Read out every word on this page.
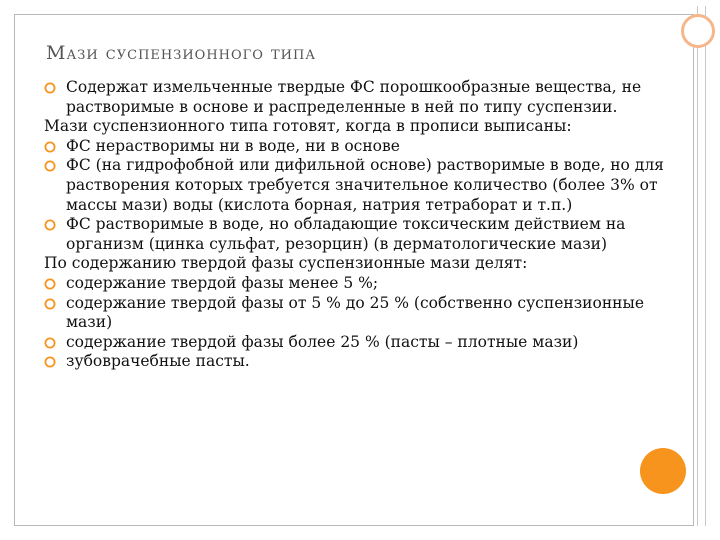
Мази суспензионного типа
Содержат измельченные твердые ФС порошкообразные вещества, не растворимые в основе и распределенные в ней по типу суспензии.
Мази суспензионного типа готовят, когда в прописи выписаны:
ФС нерастворимы ни в воде, ни в основе
ФС (на гидрофобной или дифильной основе) растворимые в воде, но для растворения которых требуется значительное количество (более 3% от массы мази) воды (кислота борная, натрия тетраборат и т.п.)
ФС растворимые в воде, но обладающие токсическим действием на организм (цинка сульфат, резорцин) (в дерматологические мази)
По содержанию твердой фазы суспензионные мази делят:
содержание твердой фазы менее 5 %;
содержание твердой фазы от 5 % до 25 % (собственно суспензионные мази)
содержание твердой фазы более 25 % (пасты – плотные мази)
зубоврачебные пасты.
